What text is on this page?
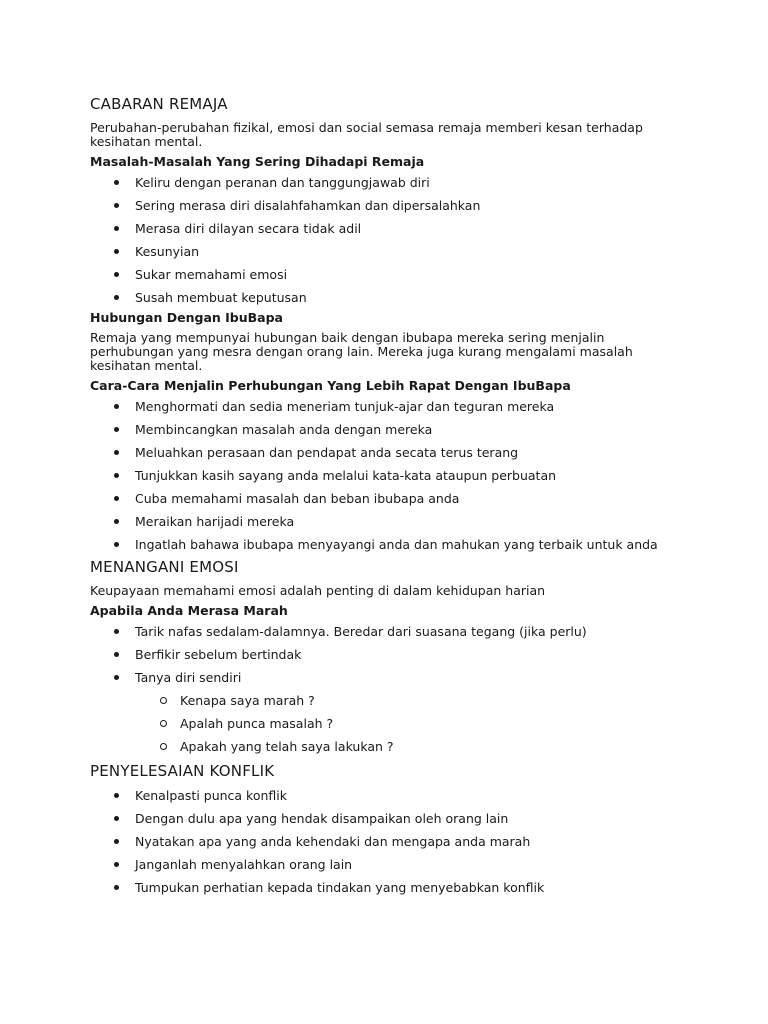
CABARAN REMAJA
Perubahan-perubahan fizikal, emosi dan social semasa remaja memberi kesan terhadap kesihatan mental.
Masalah-Masalah Yang Sering Dihadapi Remaja
Keliru dengan peranan dan tanggungjawab diri
Sering merasa diri disalahfahamkan dan dipersalahkan
Merasa diri dilayan secara tidak adil
Kesunyian
Sukar memahami emosi
Susah membuat keputusan
Hubungan Dengan IbuBapa
Remaja yang mempunyai hubungan baik dengan ibubapa mereka sering menjalin perhubungan yang mesra dengan orang lain. Mereka juga kurang mengalami masalah kesihatan mental.
Cara-Cara Menjalin Perhubungan Yang Lebih Rapat Dengan IbuBapa
Menghormati dan sedia meneriam tunjuk-ajar dan teguran mereka
Membincangkan masalah anda dengan mereka
Meluahkan perasaan dan pendapat anda secata terus terang
Tunjukkan kasih sayang anda melalui kata-kata ataupun perbuatan
Cuba memahami masalah dan beban ibubapa anda
Meraikan harijadi mereka
Ingatlah bahawa ibubapa menyayangi anda dan mahukan yang terbaik untuk anda
MENANGANI EMOSI
Keupayaan memahami emosi adalah penting di dalam kehidupan harian
Apabila Anda Merasa Marah
Tarik nafas sedalam-dalamnya. Beredar dari suasana tegang (jika perlu)
Berfikir sebelum bertindak
Tanya diri sendiri
Kenapa saya marah ?
Apalah punca masalah ?
Apakah yang telah saya lakukan ?
PENYELESAIAN KONFLIK
Kenalpasti punca konflik
Dengan dulu apa yang hendak disampaikan oleh orang lain
Nyatakan apa yang anda kehendaki dan mengapa anda marah
Janganlah menyalahkan orang lain
Tumpukan perhatian kepada tindakan yang menyebabkan konflik
